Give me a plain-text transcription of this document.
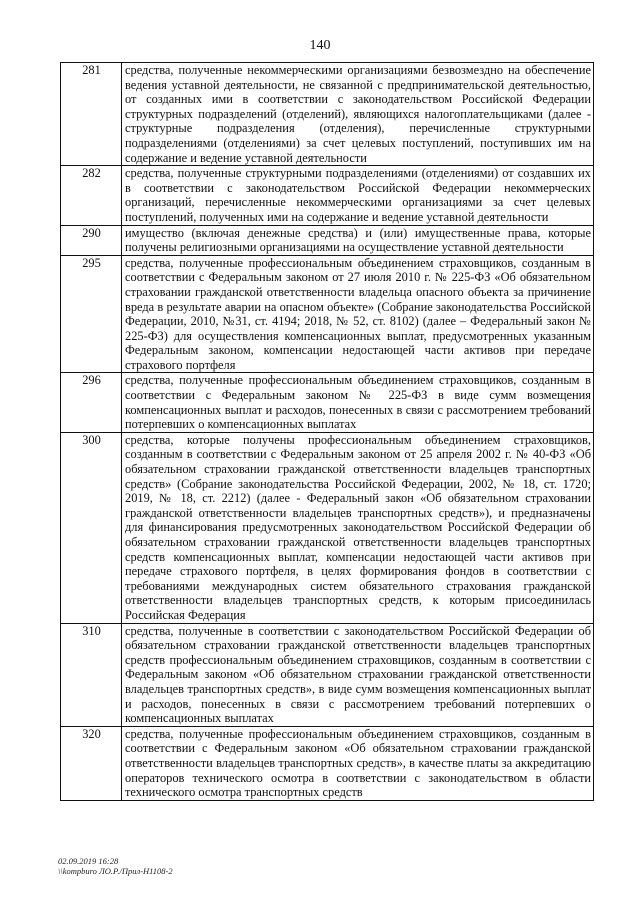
140
281	средства, полученные некоммерческими организациями безвозмездно на обеспечение ведения уставной деятельности, не связанной с предпринимательской деятельностью, от созданных ими в соответствии с законодательством Российской Федерации структурных подразделений (отделений), являющихся налогоплательщиками (далее - структурные подразделения (отделения), перечисленные структурными подразделениями (отделениями) за счет целевых поступлений, поступивших им на содержание и ведение уставной деятельности
282	средства, полученные структурными подразделениями (отделениями) от создавших их в соответствии с законодательством Российской Федерации некоммерческих организаций, перечисленные некоммерческими организациями за счет целевых поступлений, полученных ими на содержание и ведение уставной деятельности
290	имущество (включая денежные средства) и (или) имущественные права, которые получены религиозными организациями на осуществление уставной деятельности
295	средства, полученные профессиональным объединением страховщиков, созданным в соответствии с Федеральным законом от 27 июля 2010 г. № 225-ФЗ «Об обязательном страховании гражданской ответственности владельца опасного объекта за причинение вреда в результате аварии на опасном объекте» (Собрание законодательства Российской Федерации, 2010, №31, ст. 4194; 2018, № 52, ст. 8102) (далее – Федеральный закон № 225-ФЗ) для осуществления компенсационных выплат, предусмотренных указанным Федеральным законом, компенсации недостающей части активов при передаче страхового портфеля
296	средства, полученные профессиональным объединением страховщиков, созданным в соответствии с Федеральным законом № 225-ФЗ в виде сумм возмещения компенсационных выплат и расходов, понесенных в связи с рассмотрением требований потерпевших о компенсационных выплатах
300	средства, которые получены профессиональным объединением страховщиков, созданным в соответствии с Федеральным законом от 25 апреля 2002 г. № 40-ФЗ «Об обязательном страховании гражданской ответственности владельцев транспортных средств» (Собрание законодательства Российской Федерации, 2002, № 18, ст. 1720; 2019, № 18, ст. 2212) (далее - Федеральный закон «Об обязательном страховании гражданской ответственности владельцев транспортных средств»), и предназначены для финансирования предусмотренных законодательством Российской Федерации об обязательном страховании гражданской ответственности владельцев транспортных средств компенсационных выплат, компенсации недостающей части активов при передаче страхового портфеля, в целях формирования фондов в соответствии с требованиями международных систем обязательного страхования гражданской ответственности владельцев транспортных средств, к которым присоединилась Российская Федерация
310	средства, полученные в соответствии с законодательством Российской Федерации об обязательном страховании гражданской ответственности владельцев транспортных средств профессиональным объединением страховщиков, созданным в соответствии с Федеральным законом «Об обязательном страховании гражданской ответственности владельцев транспортных средств», в виде сумм возмещения компенсационных выплат и расходов, понесенных в связи с рассмотрением требований потерпевших о компенсационных выплатах
320	средства, полученные профессиональным объединением страховщиков, созданным в соответствии с Федеральным законом «Об обязательном страховании гражданской ответственности владельцев транспортных средств», в качестве платы за аккредитацию операторов технического осмотра в соответствии с законодательством в области технического осмотра транспортных средств
02.09.2019 16:28
\\kompburo ЛО.Р./Прил-Н1108-2
